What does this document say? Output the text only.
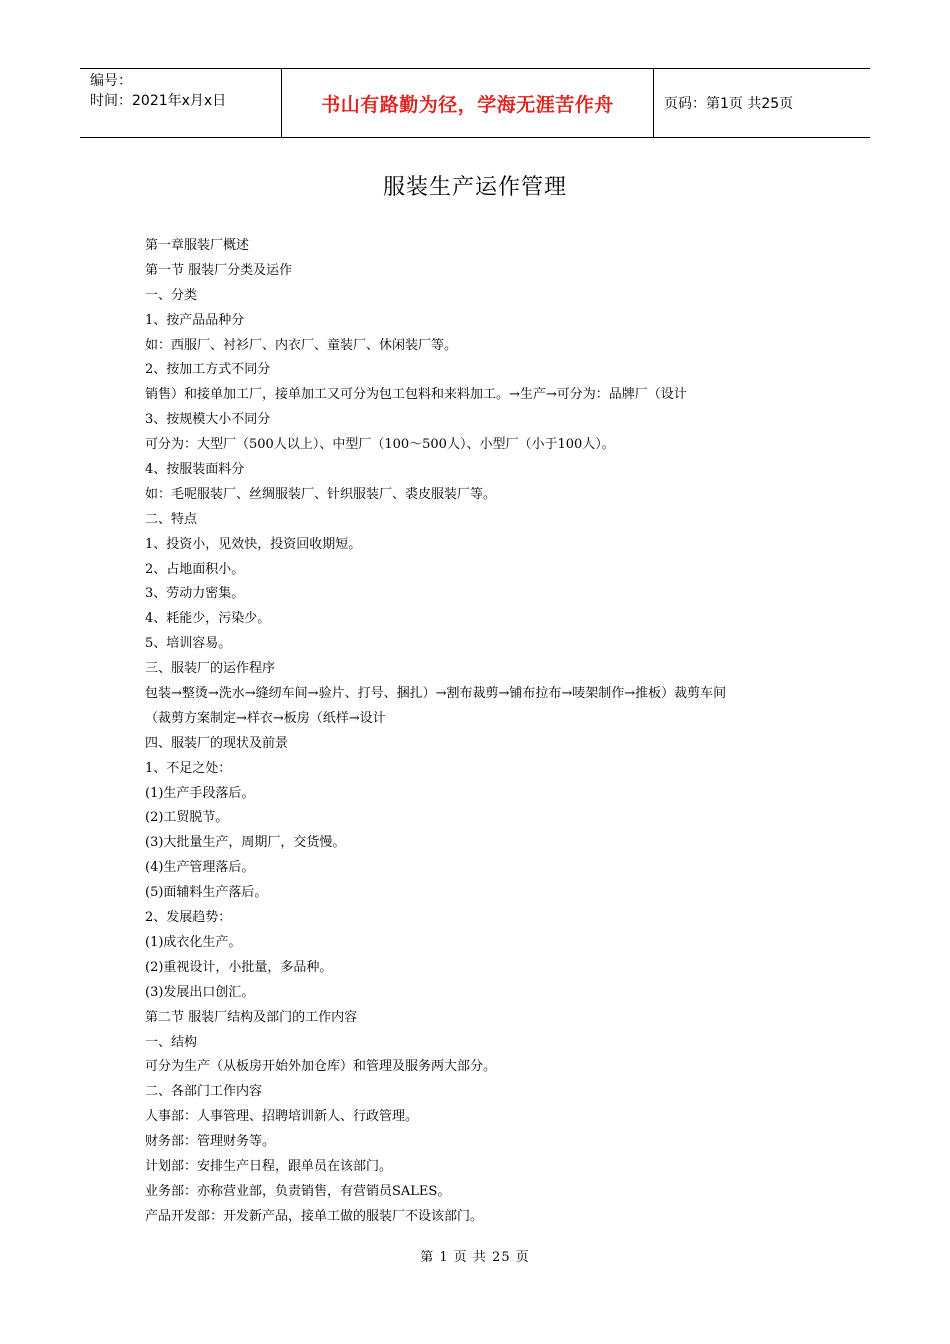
编号：
时间：2021年x月x日	书山有路勤为径，学海无涯苦作舟	页码：第1页 共25页
服装生产运作管理
第一章服装厂概述
第一节 服装厂分类及运作
一、分类
1、按产品品种分
如：西服厂、衬衫厂、内衣厂、童装厂、休闲装厂等。
2、按加工方式不同分
销售）和接单加工厂，接单加工又可分为包工包料和来料加工。→生产→可分为：品牌厂（设计
3、按规模大小不同分
可分为：大型厂（500人以上）、中型厂（100～500人）、小型厂（小于100人）。
4、按服装面料分
如：毛呢服装厂、丝绸服装厂、针织服装厂、裘皮服装厂等。
二、特点
1、投资小，见效快，投资回收期短。
2、占地面积小。
3、劳动力密集。
4、耗能少，污染少。
5、培训容易。
三、服装厂的运作程序
包装→整烫→洗水→缝纫车间→验片、打号、捆扎）→割布裁剪→铺布拉布→唛架制作→推板）裁剪车间
（裁剪方案制定→样衣→板房（纸样→设计
四、服装厂的现状及前景
1、不足之处：
(1)生产手段落后。
(2)工贸脱节。
(3)大批量生产，周期厂，交货慢。
(4)生产管理落后。
(5)面辅料生产落后。
2、发展趋势：
(1)成衣化生产。
(2)重视设计，小批量，多品种。
(3)发展出口创汇。
第二节 服装厂结构及部门的工作内容
一、结构
可分为生产（从板房开始外加仓库）和管理及服务两大部分。
二、各部门工作内容
人事部：人事管理、招聘培训新人、行政管理。
财务部：管理财务等。
计划部：安排生产日程，跟单员在该部门。
业务部：亦称营业部，负责销售，有营销员SALES。
产品开发部：开发新产品，接单工做的服装厂不设该部门。
第 1 页 共 25 页
